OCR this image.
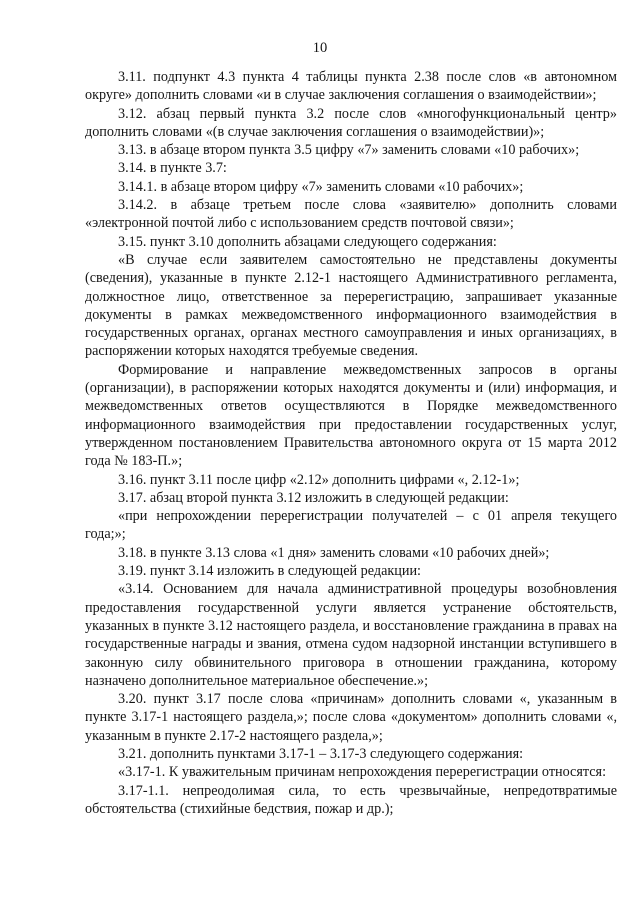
10

3.11. подпункт 4.3 пункта 4 таблицы пункта 2.38 после слов «в автономном округе» дополнить словами «и в случае заключения соглашения о взаимодействии»;

3.12. абзац первый пункта 3.2 после слов «многофункциональный центр» дополнить словами «(в случае заключения соглашения о взаимодействии)»;

3.13. в абзаце втором пункта 3.5 цифру «7» заменить словами «10 рабочих»;

3.14. в пункте 3.7:

3.14.1. в абзаце втором цифру «7» заменить словами «10 рабочих»;

3.14.2. в абзаце третьем после слова «заявителю» дополнить словами «электронной почтой либо с использованием средств почтовой связи»;

3.15. пункт 3.10 дополнить абзацами следующего содержания:

«В случае если заявителем самостоятельно не представлены документы (сведения), указанные в пункте 2.12-1 настоящего Административного регламента, должностное лицо, ответственное за перерегистрацию, запрашивает указанные документы в рамках межведомственного информационного взаимодействия в государственных органах, органах местного самоуправления и иных организациях, в распоряжении которых находятся требуемые сведения.

Формирование и направление межведомственных запросов в органы (организации), в распоряжении которых находятся документы и (или) информация, и межведомственных ответов осуществляются в Порядке межведомственного информационного взаимодействия при предоставлении государственных услуг, утвержденном постановлением Правительства автономного округа от 15 марта 2012 года № 183-П.»;

3.16. пункт 3.11 после цифр «2.12» дополнить цифрами «, 2.12-1»;

3.17. абзац второй пункта 3.12 изложить в следующей редакции:

«при непрохождении перерегистрации получателей – с 01 апреля текущего года;»;

3.18. в пункте 3.13 слова «1 дня» заменить словами «10 рабочих дней»;

3.19. пункт 3.14 изложить в следующей редакции:

«3.14. Основанием для начала административной процедуры возобновления предоставления государственной услуги является устранение обстоятельств, указанных в пункте 3.12 настоящего раздела, и восстановление гражданина в правах на государственные награды и звания, отмена судом надзорной инстанции вступившего в законную силу обвинительного приговора в отношении гражданина, которому назначено дополнительное материальное обеспечение.»;

3.20. пункт 3.17 после слова «причинам» дополнить словами «, указанным в пункте 3.17-1 настоящего раздела,»; после слова «документом» дополнить словами «, указанным в пункте 2.17-2 настоящего раздела,»;

3.21. дополнить пунктами 3.17-1 – 3.17-3 следующего содержания:

«3.17-1. К уважительным причинам непрохождения перерегистрации относятся:

3.17-1.1. непреодолимая сила, то есть чрезвычайные, непредотвратимые обстоятельства (стихийные бедствия, пожар и др.);
